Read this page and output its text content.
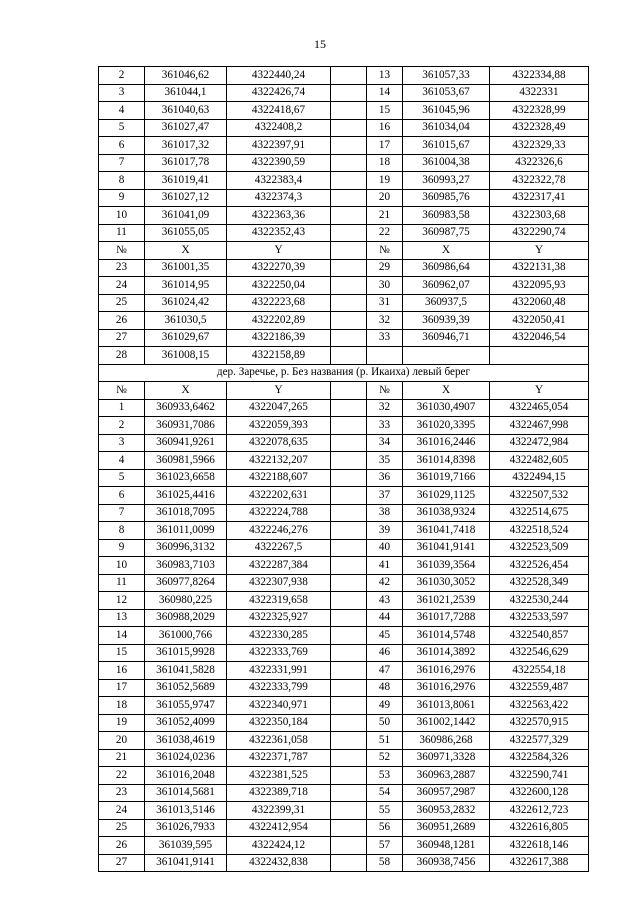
15
2	361046,62	4322440,24		13	361057,33	4322334,88
3	361044,1	4322426,74		14	361053,67	4322331
4	361040,63	4322418,67		15	361045,96	4322328,99
5	361027,47	4322408,2		16	361034,04	4322328,49
6	361017,32	4322397,91		17	361015,67	4322329,33
7	361017,78	4322390,59		18	361004,38	4322326,6
8	361019,41	4322383,4		19	360993,27	4322322,78
9	361027,12	4322374,3		20	360985,76	4322317,41
10	361041,09	4322363,36		21	360983,58	4322303,68
11	361055,05	4322352,43		22	360987,75	4322290,74
№	X	Y		№	X	Y
23	361001,35	4322270,39		29	360986,64	4322131,38
24	361014,95	4322250,04		30	360962,07	4322095,93
25	361024,42	4322223,68		31	360937,5	4322060,48
26	361030,5	4322202,89		32	360939,39	4322050,41
27	361029,67	4322186,39		33	360946,71	4322046,54
28	361008,15	4322158,89				
дер. Заречье, р. Без названия (р. Икаиха) левый берег						
№	X	Y		№	X	Y
1	360933,6462	4322047,265		32	361030,4907	4322465,054
2	360931,7086	4322059,393		33	361020,3395	4322467,998
3	360941,9261	4322078,635		34	361016,2446	4322472,984
4	360981,5966	4322132,207		35	361014,8398	4322482,605
5	361023,6658	4322188,607		36	361019,7166	4322494,15
6	361025,4416	4322202,631		37	361029,1125	4322507,532
7	361018,7095	4322224,788		38	361038,9324	4322514,675
8	361011,0099	4322246,276		39	361041,7418	4322518,524
9	360996,3132	4322267,5		40	361041,9141	4322523,509
10	360983,7103	4322287,384		41	361039,3564	4322526,454
11	360977,8264	4322307,938		42	361030,3052	4322528,349
12	360980,225	4322319,658		43	361021,2539	4322530,244
13	360988,2029	4322325,927		44	361017,7288	4322533,597
14	361000,766	4322330,285		45	361014,5748	4322540,857
15	361015,9928	4322333,769		46	361014,3892	4322546,629
16	361041,5828	4322331,991		47	361016,2976	4322554,18
17	361052,5689	4322333,799		48	361016,2976	4322559,487
18	361055,9747	4322340,971		49	361013,8061	4322563,422
19	361052,4099	4322350,184		50	361002,1442	4322570,915
20	361038,4619	4322361,058		51	360986,268	4322577,329
21	361024,0236	4322371,787		52	360971,3328	4322584,326
22	361016,2048	4322381,525		53	360963,2887	4322590,741
23	361014,5681	4322389,718		54	360957,2987	4322600,128
24	361013,5146	4322399,31		55	360953,2832	4322612,723
25	361026,7933	4322412,954		56	360951,2689	4322616,805
26	361039,595	4322424,12		57	360948,1281	4322618,146
27	361041,9141	4322432,838		58	360938,7456	4322617,388
